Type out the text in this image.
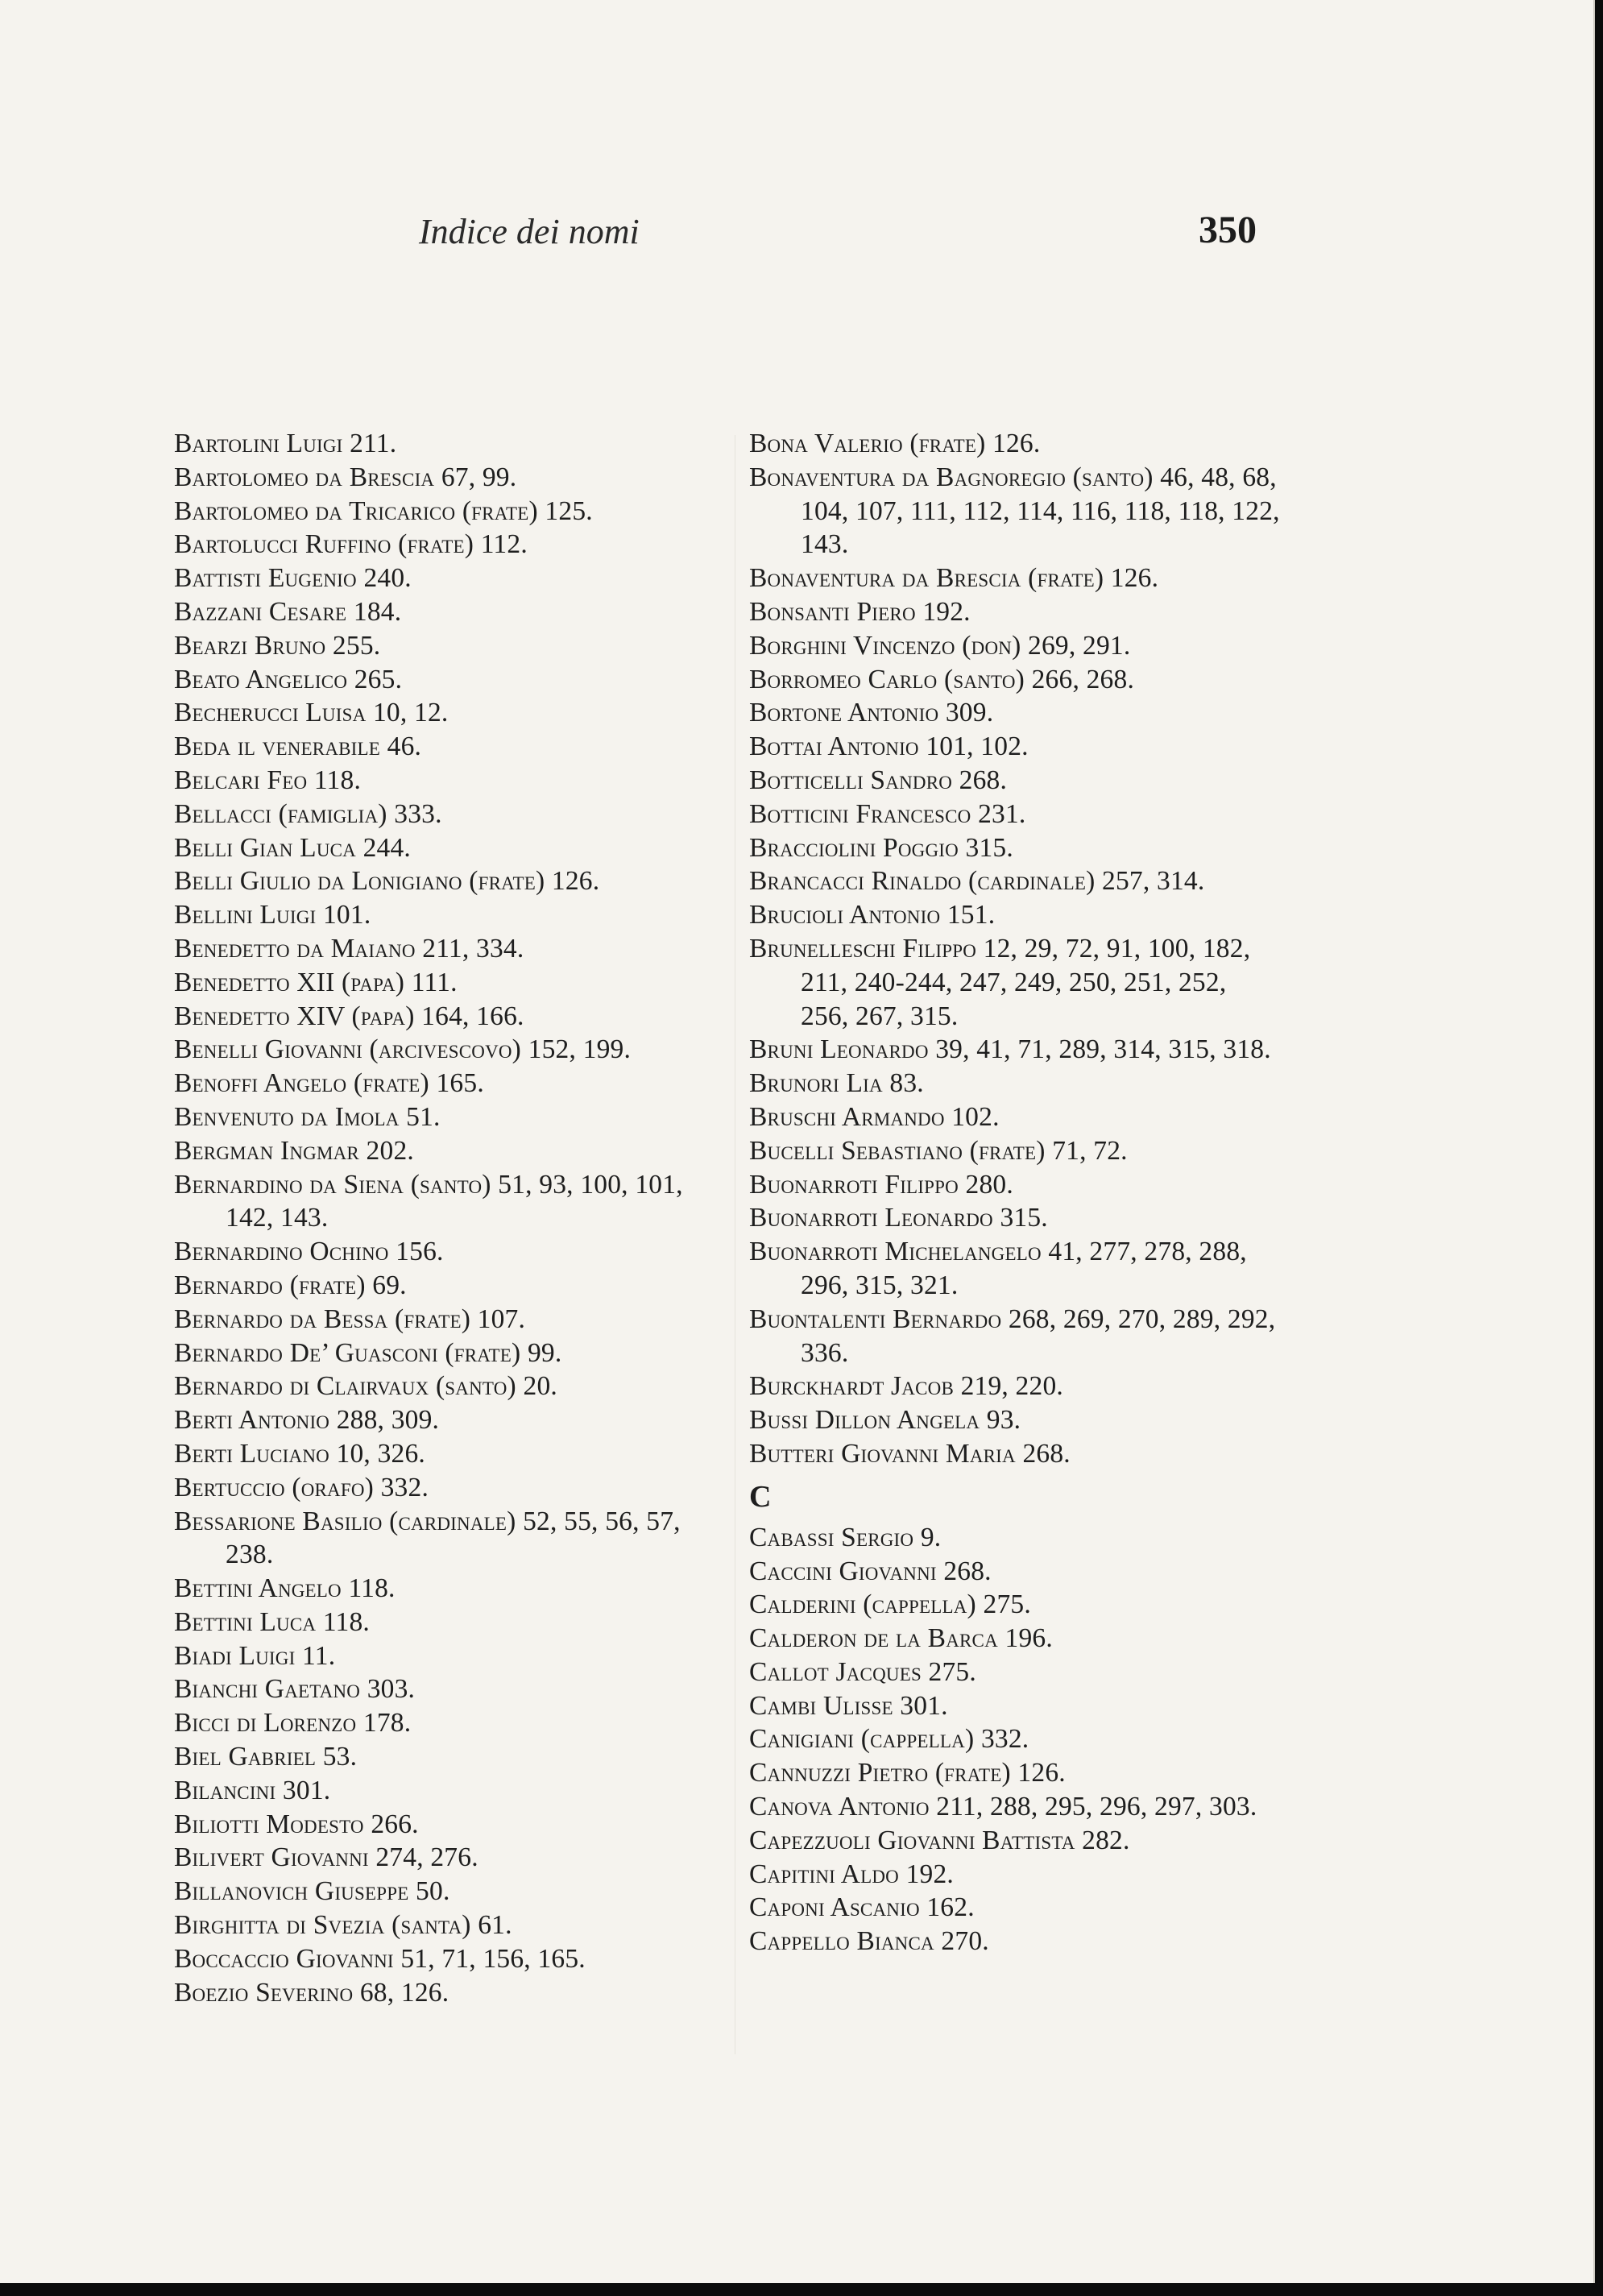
Indice dei nomi	350
Bartolini Luigi 211.
Bartolomeo da Brescia 67, 99.
Bartolomeo da Tricarico (frate) 125.
Bartolucci Ruffino (frate) 112.
Battisti Eugenio 240.
Bazzani Cesare 184.
Bearzi Bruno 255.
Beato Angelico 265.
Becherucci Luisa 10, 12.
Beda il venerabile 46.
Belcari Feo 118.
Bellacci (famiglia) 333.
Belli Gian Luca 244.
Belli Giulio da Lonigiano (frate) 126.
Bellini Luigi 101.
Benedetto da Maiano 211, 334.
Benedetto XII (papa) 111.
Benedetto XIV (papa) 164, 166.
Benelli Giovanni (arcivescovo) 152, 199.
Benoffi Angelo (frate) 165.
Benvenuto da Imola 51.
Bergman Ingmar 202.
Bernardino da Siena (santo) 51, 93, 100, 101, 142, 143.
Bernardino Ochino 156.
Bernardo (frate) 69.
Bernardo da Bessa (frate) 107.
Bernardo De’ Guasconi (frate) 99.
Bernardo di Clairvaux (santo) 20.
Berti Antonio 288, 309.
Berti Luciano 10, 326.
Bertuccio (orafo) 332.
Bessarione Basilio (cardinale) 52, 55, 56, 57, 238.
Bettini Angelo 118.
Bettini Luca 118.
Biadi Luigi 11.
Bianchi Gaetano 303.
Bicci di Lorenzo 178.
Biel Gabriel 53.
Bilancini 301.
Biliotti Modesto 266.
Bilivert Giovanni 274, 276.
Billanovich Giuseppe 50.
Birghitta di Svezia (santa) 61.
Boccaccio Giovanni 51, 71, 156, 165.
Boezio Severino 68, 126.
Bona Valerio (frate) 126.
Bonaventura da Bagnoregio (santo) 46, 48, 68, 104, 107, 111, 112, 114, 116, 118, 118, 122, 143.
Bonaventura da Brescia (frate) 126.
Bonsanti Piero 192.
Borghini Vincenzo (don) 269, 291.
Borromeo Carlo (santo) 266, 268.
Bortone Antonio 309.
Bottai Antonio 101, 102.
Botticelli Sandro 268.
Botticini Francesco 231.
Bracciolini Poggio 315.
Brancacci Rinaldo (cardinale) 257, 314.
Brucioli Antonio 151.
Brunelleschi Filippo 12, 29, 72, 91, 100, 182, 211, 240-244, 247, 249, 250, 251, 252, 256, 267, 315.
Bruni Leonardo 39, 41, 71, 289, 314, 315, 318.
Brunori Lia 83.
Bruschi Armando 102.
Bucelli Sebastiano (frate) 71, 72.
Buonarroti Filippo 280.
Buonarroti Leonardo 315.
Buonarroti Michelangelo 41, 277, 278, 288, 296, 315, 321.
Buontalenti Bernardo 268, 269, 270, 289, 292, 336.
Burckhardt Jacob 219, 220.
Bussi Dillon Angela 93.
Butteri Giovanni Maria 268.
C
Cabassi Sergio 9.
Caccini Giovanni 268.
Calderini (cappella) 275.
Calderon de la Barca 196.
Callot Jacques 275.
Cambi Ulisse 301.
Canigiani (cappella) 332.
Cannuzzi Pietro (frate) 126.
Canova Antonio 211, 288, 295, 296, 297, 303.
Capezzuoli Giovanni Battista 282.
Capitini Aldo 192.
Caponi Ascanio 162.
Cappello Bianca 270.
